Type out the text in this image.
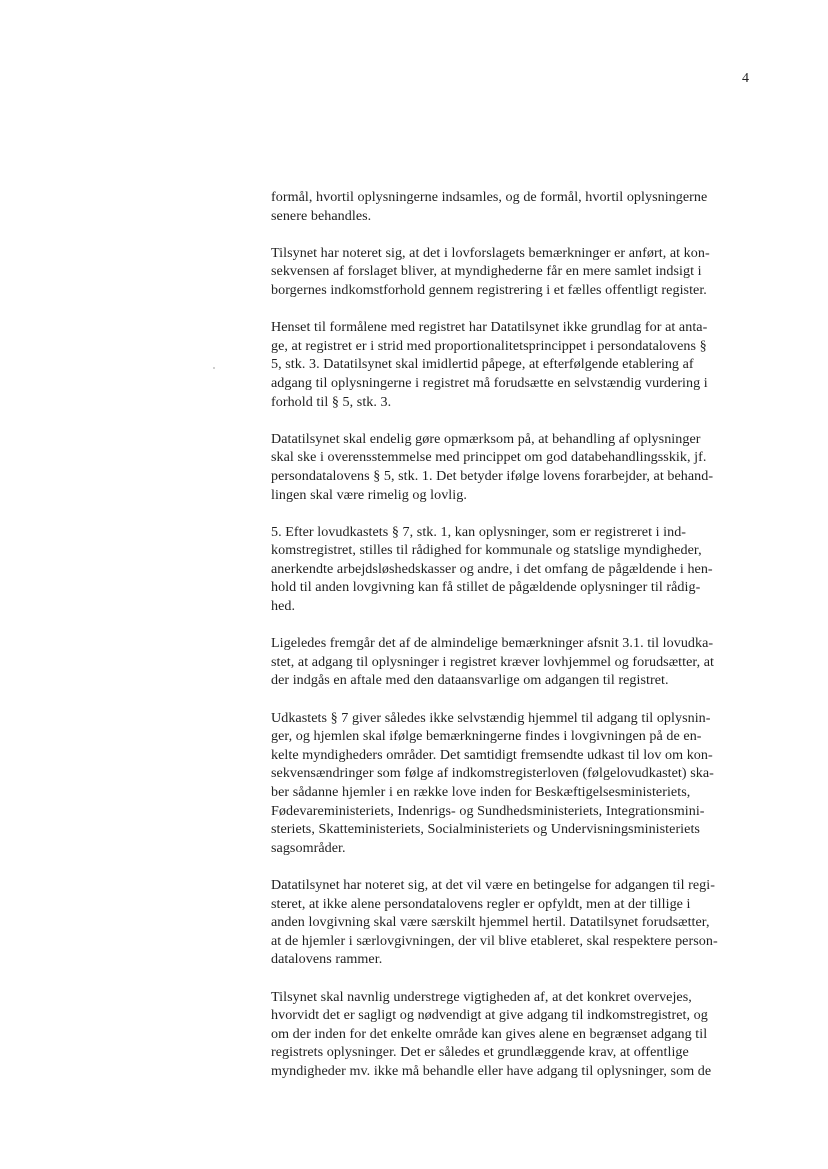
4

formål, hvortil oplysningerne indsamles, og de formål, hvortil oplysningerne
senere behandles.

Tilsynet har noteret sig, at det i lovforslagets bemærkninger er anført, at kon-
sekvensen af forslaget bliver, at myndighederne får en mere samlet indsigt i
borgernes indkomstforhold gennem registrering i et fælles offentligt register.

Henset til formålene med registret har Datatilsynet ikke grundlag for at anta-
ge, at registret er i strid med proportionalitetsprincippet i persondatalovens §
5, stk. 3. Datatilsynet skal imidlertid påpege, at efterfølgende etablering af
adgang til oplysningerne i registret må forudsætte en selvstændig vurdering i
forhold til § 5, stk. 3.

Datatilsynet skal endelig gøre opmærksom på, at behandling af oplysninger
skal ske i overensstemmelse med princippet om god databehandlingsskik, jf.
persondatalovens § 5, stk. 1. Det betyder ifølge lovens forarbejder, at behand-
lingen skal være rimelig og lovlig.

5. Efter lovudkastets § 7, stk. 1, kan oplysninger, som er registreret i ind-
komstregistret, stilles til rådighed for kommunale og statslige myndigheder,
anerkendte arbejdsløshedskasser og andre, i det omfang de pågældende i hen-
hold til anden lovgivning kan få stillet de pågældende oplysninger til rådig-
hed.

Ligeledes fremgår det af de almindelige bemærkninger afsnit 3.1. til lovudka-
stet, at adgang til oplysninger i registret kræver lovhjemmel og forudsætter, at
der indgås en aftale med den dataansvarlige om adgangen til registret.

Udkastets § 7 giver således ikke selvstændig hjemmel til adgang til oplysnin-
ger, og hjemlen skal ifølge bemærkningerne findes i lovgivningen på de en-
kelte myndigheders områder. Det samtidigt fremsendte udkast til lov om kon-
sekvensændringer som følge af indkomstregisterloven (følgelovudkastet) ska-
ber sådanne hjemler i en række love inden for Beskæftigelsesministeriets,
Fødevareministeriets, Indenrigs- og Sundhedsministeriets, Integrationsmini-
steriets, Skatteministeriets, Socialministeriets og Undervisningsministeriets
sagsområder.

Datatilsynet har noteret sig, at det vil være en betingelse for adgangen til regi-
steret, at ikke alene persondatalovens regler er opfyldt, men at der tillige i
anden lovgivning skal være særskilt hjemmel hertil. Datatilsynet forudsætter,
at de hjemler i særlovgivningen, der vil blive etableret, skal respektere person-
datalovens rammer.

Tilsynet skal navnlig understrege vigtigheden af, at det konkret overvejes,
hvorvidt det er sagligt og nødvendigt at give adgang til indkomstregistret, og
om der inden for det enkelte område kan gives alene en begrænset adgang til
registrets oplysninger. Det er således et grundlæggende krav, at offentlige
myndigheder mv. ikke må behandle eller have adgang til oplysninger, som de
